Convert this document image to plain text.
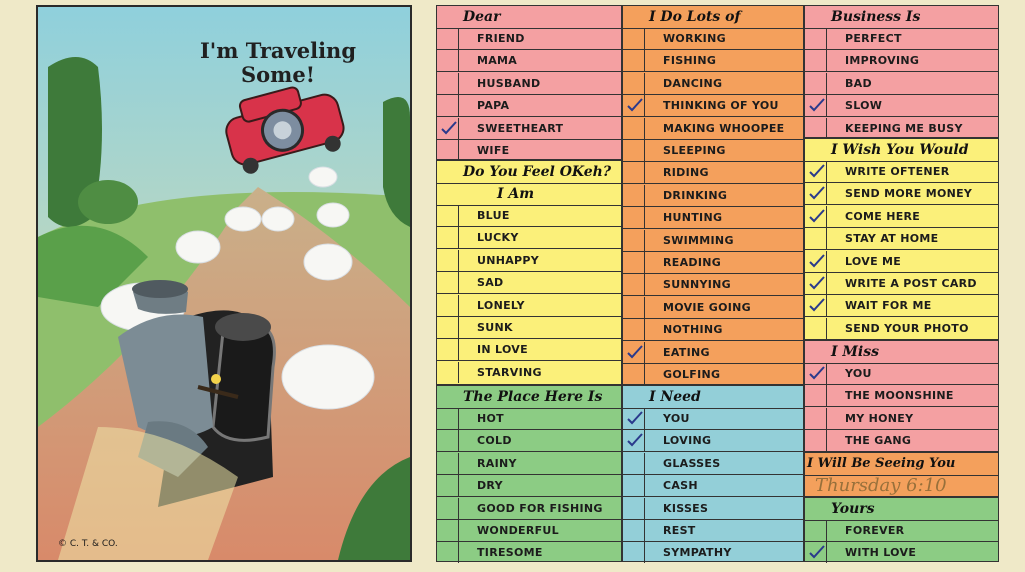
I'm Traveling
Some!
© C. T. & CO.
Dear
FRIEND
MAMA
HUSBAND
PAPA
SWEETHEART
WIFE
Do You Feel OKeh?
I Am
BLUE
LUCKY
UNHAPPY
SAD
LONELY
SUNK
IN LOVE
STARVING
The Place Here Is
HOT
COLD
RAINY
DRY
GOOD FOR FISHING
WONDERFUL
TIRESOME
I Do Lots of
WORKING
FISHING
DANCING
THINKING OF YOU
MAKING WHOOPEE
SLEEPING
RIDING
DRINKING
HUNTING
SWIMMING
READING
SUNNYING
MOVIE GOING
NOTHING
EATING
GOLFING
I Need
YOU
LOVING
GLASSES
CASH
KISSES
REST
SYMPATHY
Business Is
PERFECT
IMPROVING
BAD
SLOW
KEEPING ME BUSY
I Wish You Would
WRITE OFTENER
SEND MORE MONEY
COME HERE
STAY AT HOME
LOVE ME
WRITE A POST CARD
WAIT FOR ME
SEND YOUR PHOTO
I Miss
YOU
THE MOONSHINE
MY HONEY
THE GANG
I Will Be Seeing You
Thursday 6:10
Yours
FOREVER
WITH LOVE
